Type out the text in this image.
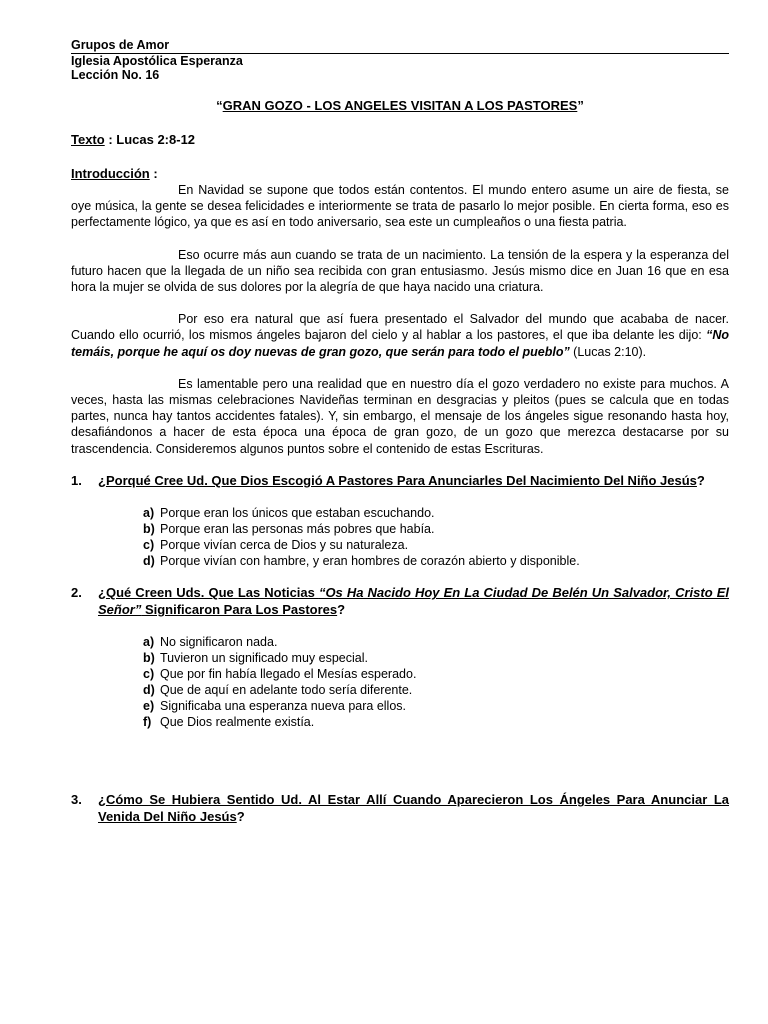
Grupos de Amor
Iglesia Apostólica Esperanza
Lección No. 16
“GRAN GOZO - LOS ANGELES VISITAN A LOS PASTORES”
Texto : Lucas 2:8-12
Introducción :

En Navidad se supone que todos están contentos. El mundo entero asume un aire de fiesta, se oye música, la gente se desea felicidades e interiormente se trata de pasarlo lo mejor posible. En cierta forma, eso es perfectamente lógico, ya que es así en todo aniversario, sea este un cumpleaños o una fiesta patria.

Eso ocurre más aun cuando se trata de un nacimiento. La tensión de la espera y la esperanza del futuro hacen que la llegada de un niño sea recibida con gran entusiasmo. Jesús mismo dice en Juan 16 que en esa hora la mujer se olvida de sus dolores por la alegría de que haya nacido una criatura.

Por eso era natural que así fuera presentado el Salvador del mundo que acababa de nacer. Cuando ello ocurrió, los mismos ángeles bajaron del cielo y al hablar a los pastores, el que iba delante les dijo: “No temáis, porque he aquí os doy nuevas de gran gozo, que serán para todo el pueblo” (Lucas 2:10).

Es lamentable pero una realidad que en nuestro día el gozo verdadero no existe para muchos. A veces, hasta las mismas celebraciones Navideñas terminan en desgracias y pleitos (pues se calcula que en todas partes, nunca hay tantos accidentes fatales). Y, sin embargo, el mensaje de los ángeles sigue resonando hasta hoy, desafiándonos a hacer de esta época una época de gran gozo, de un gozo que merezca destacarse por su trascendencia. Consideremos algunos puntos sobre el contenido de estas Escrituras.

1.	¿Porqué Cree Ud. Que Dios Escogió A Pastores Para Anunciarles Del Nacimiento Del Niño Jesús?
a) Porque eran los únicos que estaban escuchando.
b) Porque eran las personas más pobres que había.
c) Porque vivían cerca de Dios y su naturaleza.
d) Porque vivían con hambre, y eran hombres de corazón abierto y disponible.
2.	¿Qué Creen Uds. Que Las Noticias “Os Ha Nacido Hoy En La Ciudad De Belén Un Salvador, Cristo El Señor” Significaron Para Los Pastores?
a) No significaron nada.
b) Tuvieron un significado muy especial.
c) Que por fin había llegado el Mesías esperado.
d) Que de aquí en adelante todo sería diferente.
e) Significaba una esperanza nueva para ellos.
f) Que Dios realmente existía.
3.	¿Cómo Se Hubiera Sentido Ud. Al Estar Allí Cuando Aparecieron Los Ángeles Para Anunciar La Venida Del Niño Jesús?
